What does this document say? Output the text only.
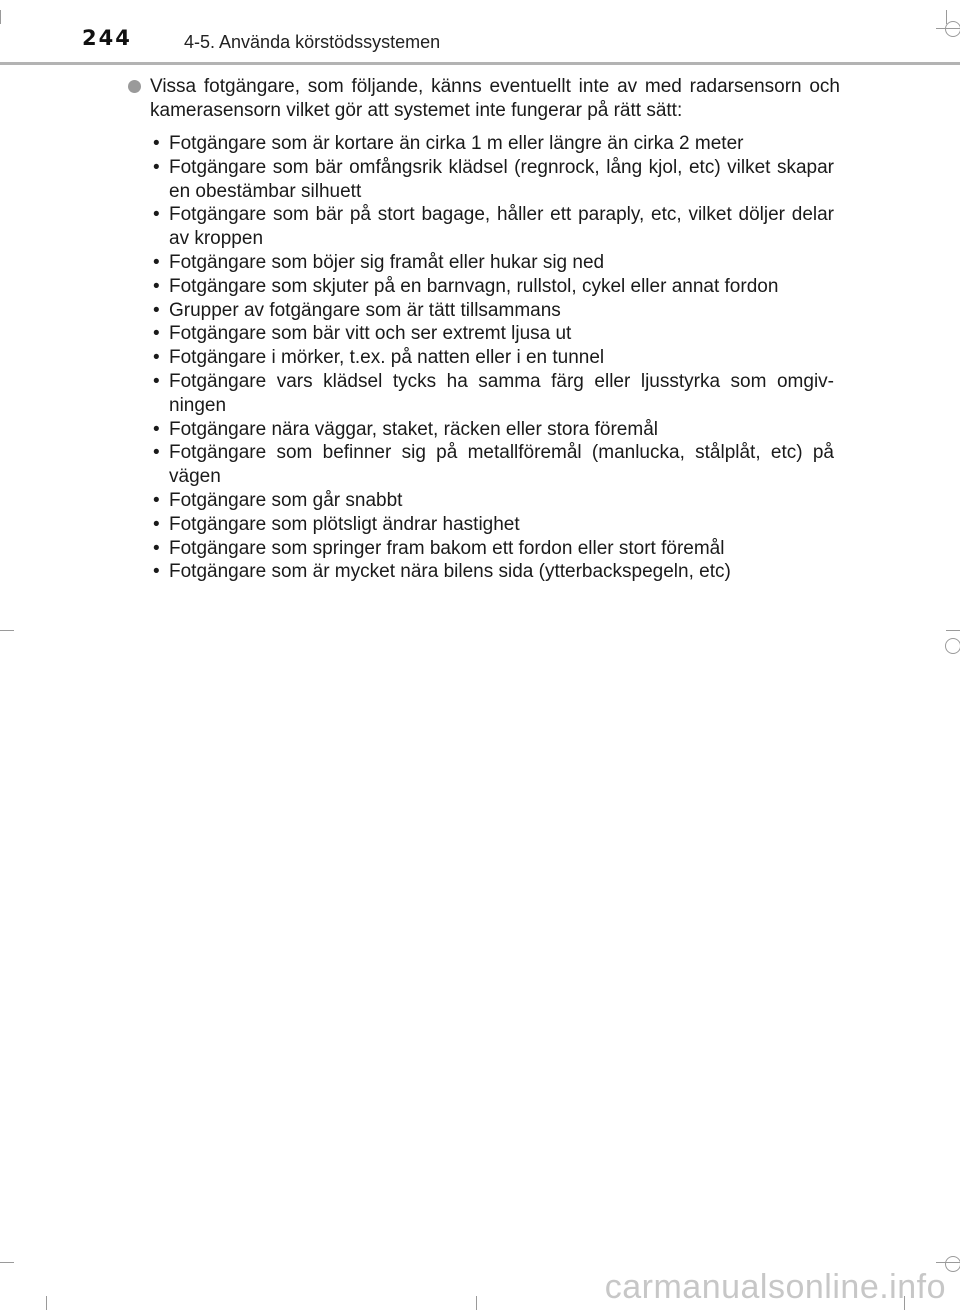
244	4-5. Använda körstödssystemen

Vissa fotgängare, som följande, känns eventuellt inte av med radarsensorn och kamerasensorn vilket gör att systemet inte fungerar på rätt sätt:

• Fotgängare som är kortare än cirka 1 m eller längre än cirka 2 meter
• Fotgängare som bär omfångsrik klädsel (regnrock, lång kjol, etc) vilket skapar en obestämbar silhuett
• Fotgängare som bär på stort bagage, håller ett paraply, etc, vilket döljer delar av kroppen
• Fotgängare som böjer sig framåt eller hukar sig ned
• Fotgängare som skjuter på en barnvagn, rullstol, cykel eller annat fordon
• Grupper av fotgängare som är tätt tillsammans
• Fotgängare som bär vitt och ser extremt ljusa ut
• Fotgängare i mörker, t.ex. på natten eller i en tunnel
• Fotgängare vars klädsel tycks ha samma färg eller ljusstyrka som omgiv-ningen
• Fotgängare nära väggar, staket, räcken eller stora föremål
• Fotgängare som befinner sig på metallföremål (manlucka, stålplåt, etc) på vägen
• Fotgängare som går snabbt
• Fotgängare som plötsligt ändrar hastighet
• Fotgängare som springer fram bakom ett fordon eller stort föremål
• Fotgängare som är mycket nära bilens sida (ytterbackspegeln, etc)
carmanualsonline.info
